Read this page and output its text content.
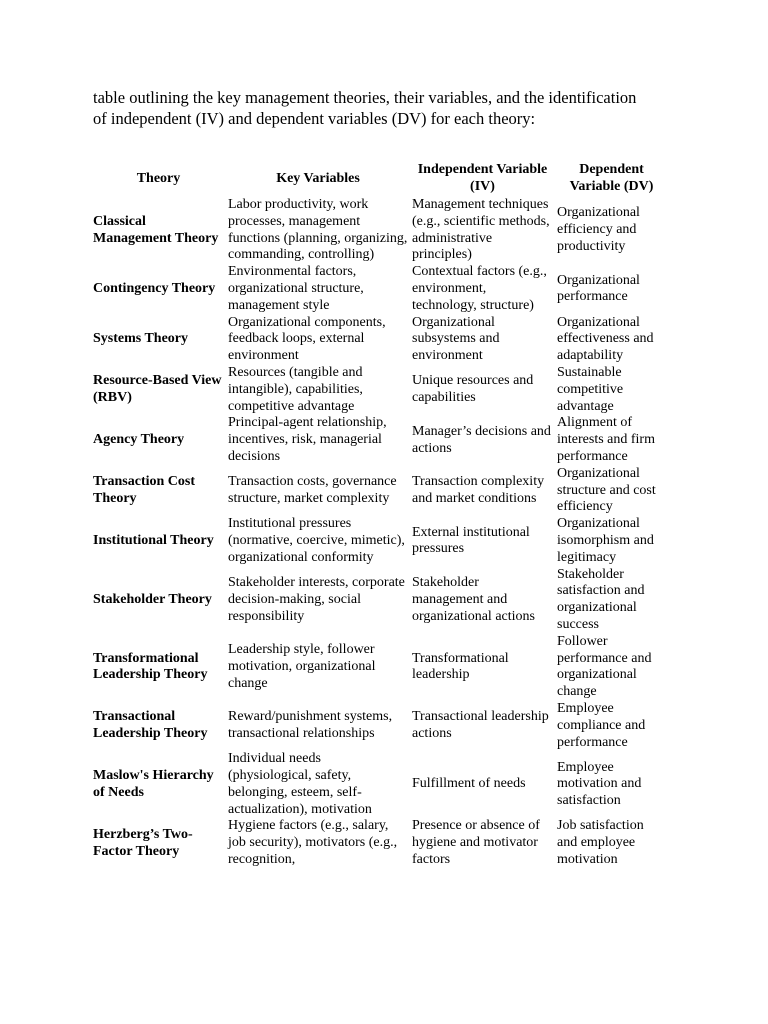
table outlining the key management theories, their variables, and the identification of independent (IV) and dependent variables (DV) for each theory:

Theory	Key Variables	Independent Variable (IV)	Dependent Variable (DV)
Classical Management Theory	Labor productivity, work processes, management functions (planning, organizing, commanding, controlling)	Management techniques (e.g., scientific methods, administrative principles)	Organizational efficiency and productivity
Contingency Theory	Environmental factors, organizational structure, management style	Contextual factors (e.g., environment, technology, structure)	Organizational performance
Systems Theory	Organizational components, feedback loops, external environment	Organizational subsystems and environment	Organizational effectiveness and adaptability
Resource-Based View (RBV)	Resources (tangible and intangible), capabilities, competitive advantage	Unique resources and capabilities	Sustainable competitive advantage
Agency Theory	Principal-agent relationship, incentives, risk, managerial decisions	Manager’s decisions and actions	Alignment of interests and firm performance
Transaction Cost Theory	Transaction costs, governance structure, market complexity	Transaction complexity and market conditions	Organizational structure and cost efficiency
Institutional Theory	Institutional pressures (normative, coercive, mimetic), organizational conformity	External institutional pressures	Organizational isomorphism and legitimacy
Stakeholder Theory	Stakeholder interests, corporate decision-making, social responsibility	Stakeholder management and organizational actions	Stakeholder satisfaction and organizational success
Transformational Leadership Theory	Leadership style, follower motivation, organizational change	Transformational leadership	Follower performance and organizational change
Transactional Leadership Theory	Reward/punishment systems, transactional relationships	Transactional leadership actions	Employee compliance and performance
Maslow's Hierarchy of Needs	Individual needs (physiological, safety, belonging, esteem, self-actualization), motivation	Fulfillment of needs	Employee motivation and satisfaction
Herzberg’s Two-Factor Theory	Hygiene factors (e.g., salary, job security), motivators (e.g., recognition,	Presence or absence of hygiene and motivator factors	Job satisfaction and employee motivation
